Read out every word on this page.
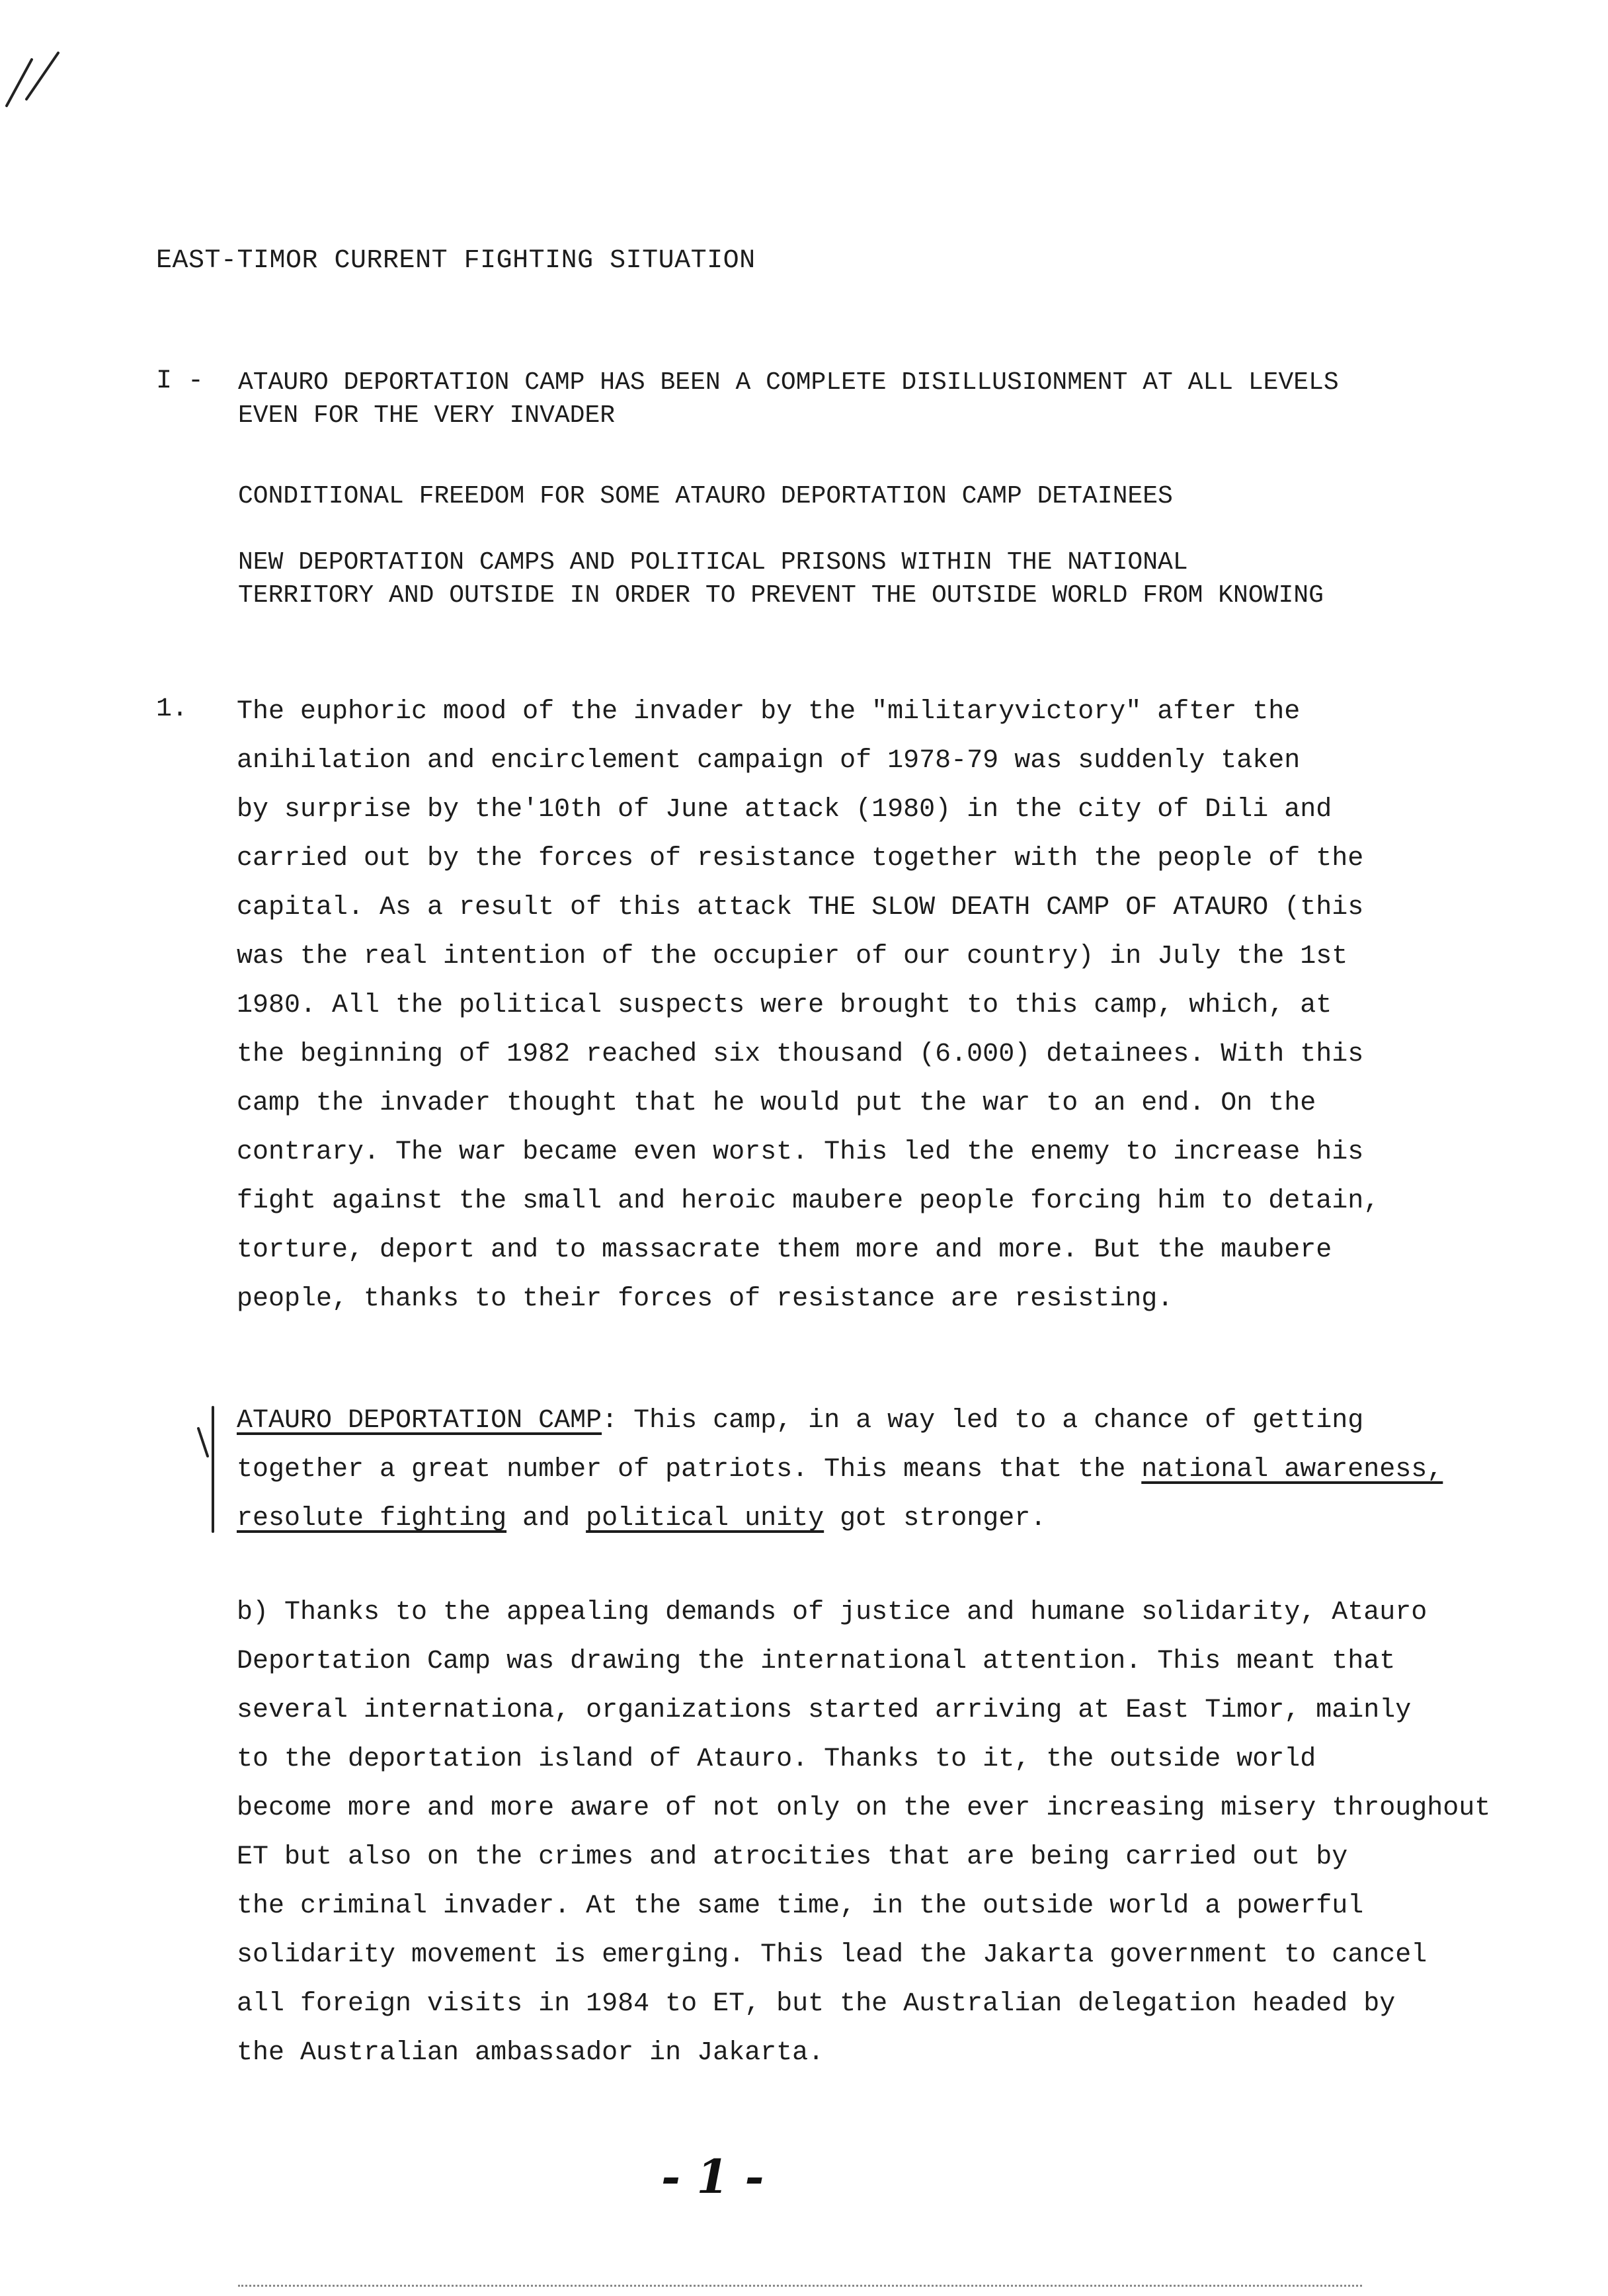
EAST-TIMOR CURRENT FIGHTING SITUATION
I - ATAURO DEPORTATION CAMP HAS BEEN A COMPLETE DISILLUSIONMENT AT ALL LEVELS
EVEN FOR THE VERY INVADER
CONDITIONAL FREEDOM FOR SOME ATAURO DEPORTATION CAMP DETAINEES
NEW DEPORTATION CAMPS AND POLITICAL PRISONS WITHIN THE NATIONAL
TERRITORY AND OUTSIDE IN ORDER TO PREVENT THE OUTSIDE WORLD FROM KNOWING
1. The euphoric mood of the invader by the "militaryvictory" after the
anihilation and encirclement campaign of 1978-79 was suddenly taken
by surprise by the'10th of June attack (1980) in the city of Dili and
carried out by the forces of resistance together with the people of the
capital. As a result of this attack THE SLOW DEATH CAMP OF ATAURO (this
was the real intention of the occupier of our country) in July the 1st
1980. All the political suspects were brought to this camp, which, at
the beginning of 1982 reached six thousand (6.000) detainees. With this
camp the invader thought that he would put the war to an end. On the
contrary. The war became even worst. This led the enemy to increase his
fight against the small and heroic maubere people forcing him to detain,
torture, deport and to massacrate them more and more. But the maubere
people, thanks to their forces of resistance are resisting.
ATAURO DEPORTATION CAMP: This camp, in a way led to a chance of getting
together a great number of patriots. This means that the national awareness,
resolute fighting and political unity got stronger.
b) Thanks to the appealing demands of justice and humane solidarity, Atauro
Deportation Camp was drawing the international attention. This meant that
several internationa, organizations started arriving at East Timor, mainly
to the deportation island of Atauro. Thanks to it, the outside world
become more and more aware of not only on the ever increasing misery throughout
ET but also on the crimes and atrocities that are being carried out by
the criminal invader. At the same time, in the outside world a powerful
solidarity movement is emerging. This lead the Jakarta government to cancel
all foreign visits in 1984 to ET, but the Australian delegation headed by
the Australian ambassador in Jakarta.
- 1 -
